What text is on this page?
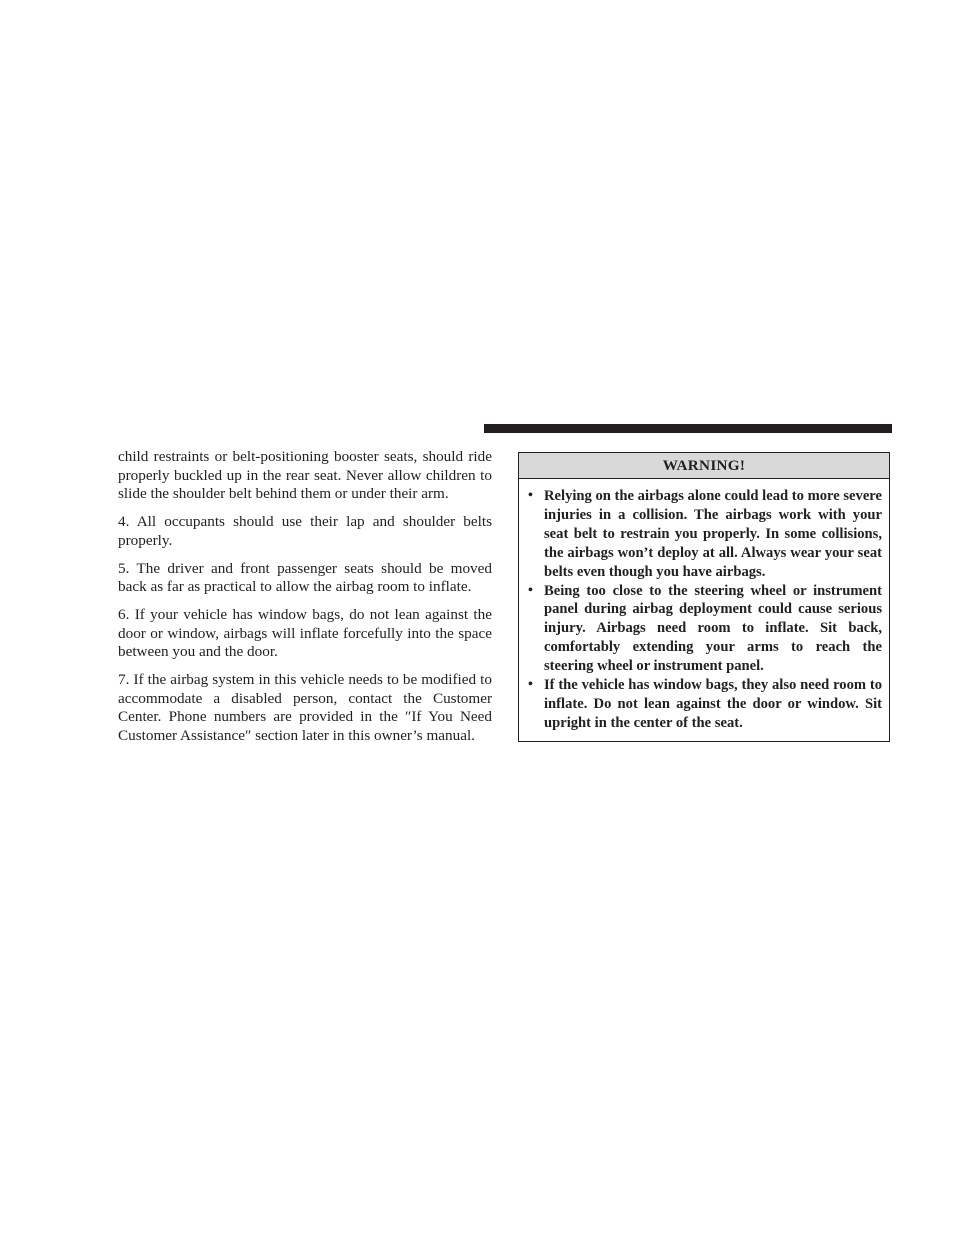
child restraints or belt-positioning booster seats, should ride properly buckled up in the rear seat. Never allow children to slide the shoulder belt behind them or under their arm.

4. All occupants should use their lap and shoulder belts properly.

5. The driver and front passenger seats should be moved back as far as practical to allow the airbag room to inflate.

6. If your vehicle has window bags, do not lean against the door or window, airbags will inflate forcefully into the space between you and the door.

7. If the airbag system in this vehicle needs to be modified to accommodate a disabled person, contact the Customer Center. Phone numbers are provided in the ″If You Need Customer Assistance″ section later in this owner’s manual.

WARNING!
• Relying on the airbags alone could lead to more severe injuries in a collision. The airbags work with your seat belt to restrain you properly. In some collisions, the airbags won’t deploy at all. Always wear your seat belts even though you have airbags.
• Being too close to the steering wheel or instrument panel during airbag deployment could cause serious injury. Airbags need room to inflate. Sit back, comfortably extending your arms to reach the steering wheel or instrument panel.
• If the vehicle has window bags, they also need room to inflate. Do not lean against the door or window. Sit upright in the center of the seat.
